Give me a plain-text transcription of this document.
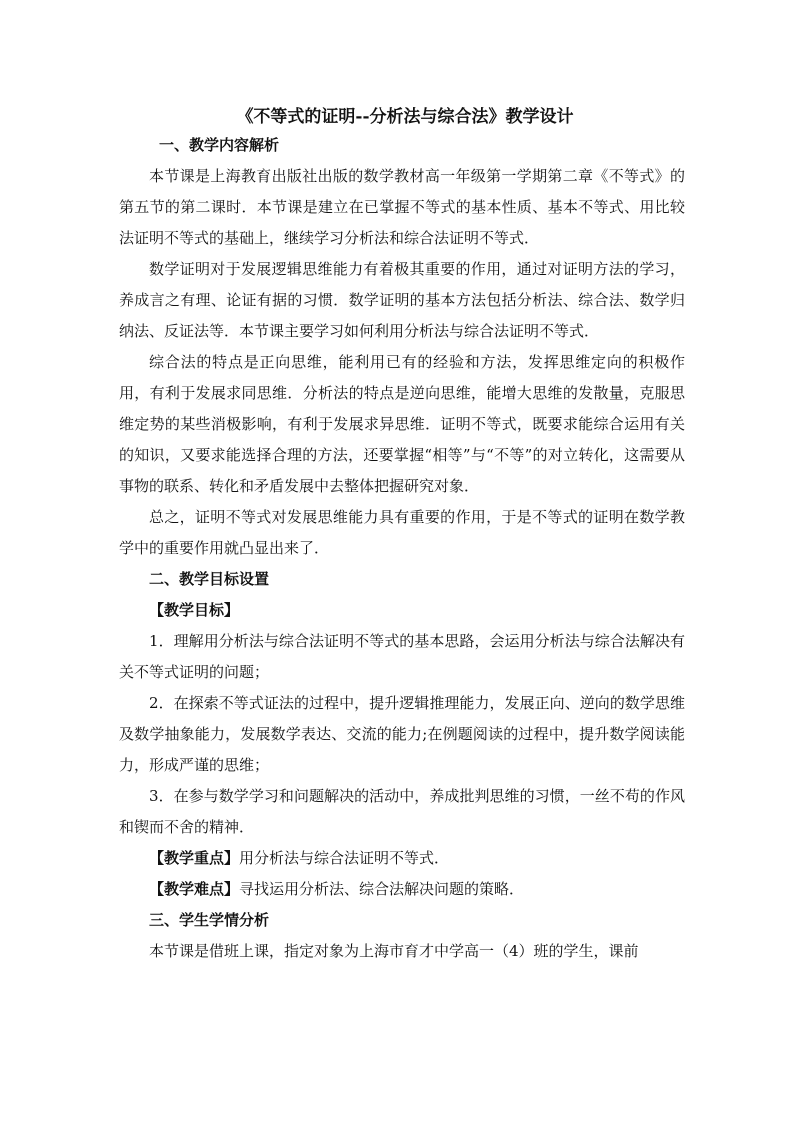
《不等式的证明--分析法与综合法》教学设计
一、教学内容解析

本节课是上海教育出版社出版的数学教材高一年级第一学期第二章《不等式》的第五节的第二课时．本节课是建立在已掌握不等式的基本性质、基本不等式、用比较法证明不等式的基础上，继续学习分析法和综合法证明不等式．

数学证明对于发展逻辑思维能力有着极其重要的作用，通过对证明方法的学习，养成言之有理、论证有据的习惯．数学证明的基本方法包括分析法、综合法、数学归纳法、反证法等．本节课主要学习如何利用分析法与综合法证明不等式．

综合法的特点是正向思维，能利用已有的经验和方法，发挥思维定向的积极作用，有利于发展求同思维．分析法的特点是逆向思维，能增大思维的发散量，克服思维定势的某些消极影响，有利于发展求异思维．证明不等式，既要求能综合运用有关的知识，又要求能选择合理的方法，还要掌握“相等”与“不等”的对立转化，这需要从事物的联系、转化和矛盾发展中去整体把握研究对象．

总之，证明不等式对发展思维能力具有重要的作用，于是不等式的证明在数学教学中的重要作用就凸显出来了．

二、教学目标设置

【教学目标】

1．理解用分析法与综合法证明不等式的基本思路，会运用分析法与综合法解决有关不等式证明的问题；

2．在探索不等式证法的过程中，提升逻辑推理能力，发展正向、逆向的数学思维及数学抽象能力，发展数学表达、交流的能力;在例题阅读的过程中，提升数学阅读能力，形成严谨的思维；

3．在参与数学学习和问题解决的活动中，养成批判思维的习惯，一丝不苟的作风和锲而不舍的精神．

【教学重点】用分析法与综合法证明不等式．

【教学难点】寻找运用分析法、综合法解决问题的策略．

三、学生学情分析

本节课是借班上课，指定对象为上海市育才中学高一（4）班的学生，课前
